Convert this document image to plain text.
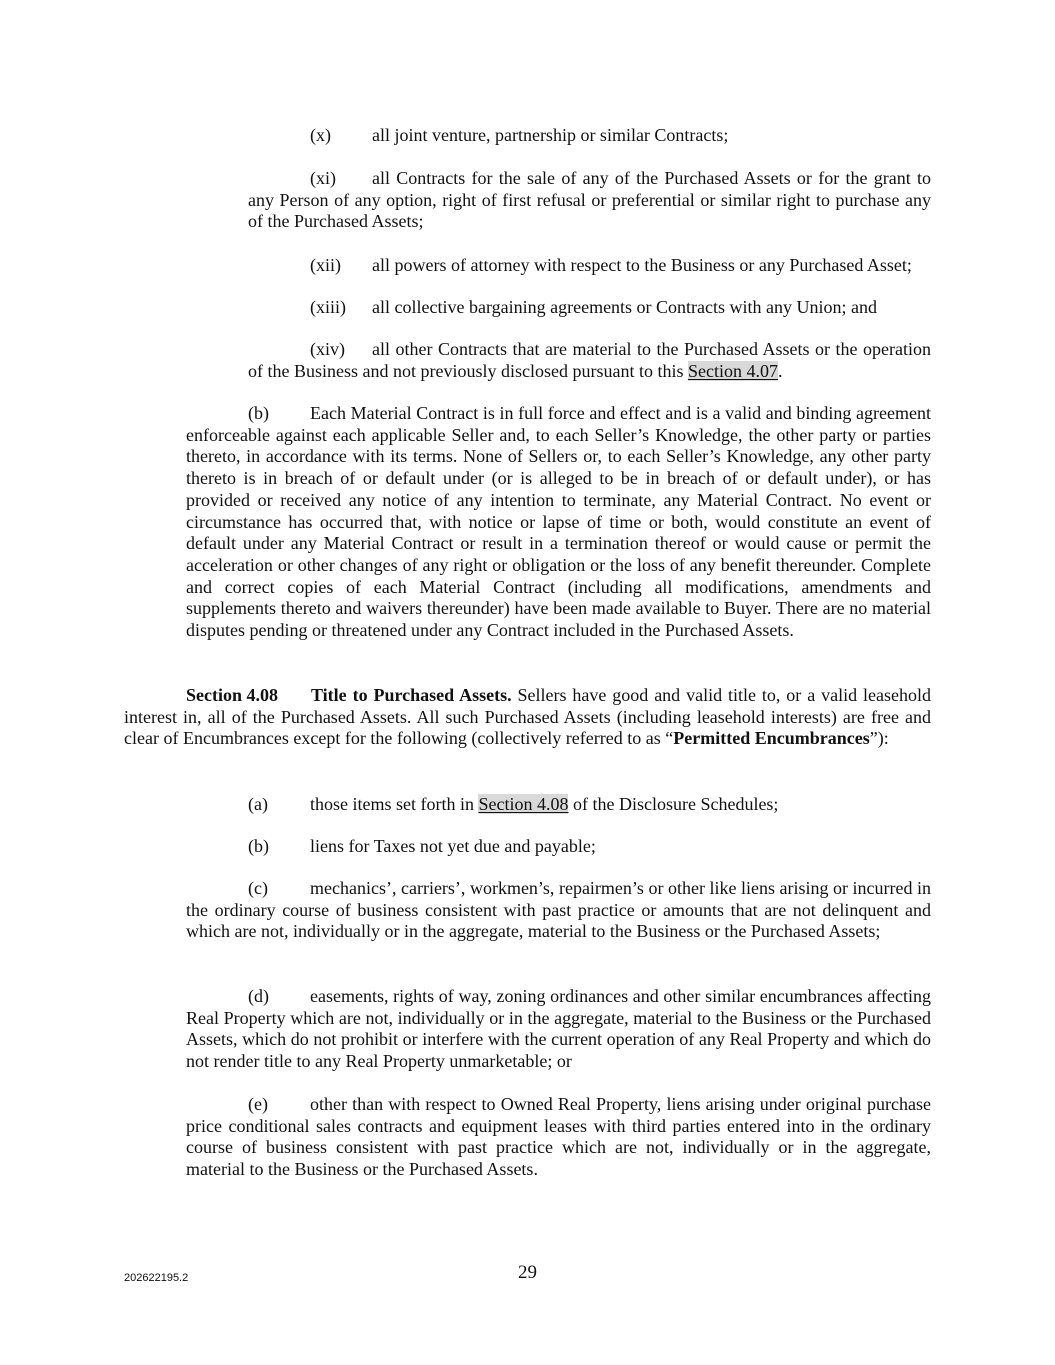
(x) all joint venture, partnership or similar Contracts;

(xi) all Contracts for the sale of any of the Purchased Assets or for the grant to any Person of any option, right of first refusal or preferential or similar right to purchase any of the Purchased Assets;

(xii) all powers of attorney with respect to the Business or any Purchased Asset;
(xiii) all collective bargaining agreements or Contracts with any Union; and

(xiv) all other Contracts that are material to the Purchased Assets or the operation of the Business and not previously disclosed pursuant to this Section 4.07.

(b) Each Material Contract is in full force and effect and is a valid and binding agreement enforceable against each applicable Seller and, to each Seller’s Knowledge, the other party or parties thereto, in accordance with its terms. None of Sellers or, to each Seller’s Knowledge, any other party thereto is in breach of or default under (or is alleged to be in breach of or default under), or has provided or received any notice of any intention to terminate, any Material Contract. No event or circumstance has occurred that, with notice or lapse of time or both, would constitute an event of default under any Material Contract or result in a termination thereof or would cause or permit the acceleration or other changes of any right or obligation or the loss of any benefit thereunder. Complete and correct copies of each Material Contract (including all modifications, amendments and supplements thereto and waivers thereunder) have been made available to Buyer. There are no material disputes pending or threatened under any Contract included in the Purchased Assets.

Section 4.08 Title to Purchased Assets. Sellers have good and valid title to, or a valid leasehold interest in, all of the Purchased Assets. All such Purchased Assets (including leasehold interests) are free and clear of Encumbrances except for the following (collectively referred to as “Permitted Encumbrances”):

(a) those items set forth in Section 4.08 of the Disclosure Schedules;
(b) liens for Taxes not yet due and payable;

(c) mechanics’, carriers’, workmen’s, repairmen’s or other like liens arising or incurred in the ordinary course of business consistent with past practice or amounts that are not delinquent and which are not, individually or in the aggregate, material to the Business or the Purchased Assets;

(d) easements, rights of way, zoning ordinances and other similar encumbrances affecting Real Property which are not, individually or in the aggregate, material to the Business or the Purchased Assets, which do not prohibit or interfere with the current operation of any Real Property and which do not render title to any Real Property unmarketable; or

(e) other than with respect to Owned Real Property, liens arising under original purchase price conditional sales contracts and equipment leases with third parties entered into in the ordinary course of business consistent with past practice which are not, individually or in the aggregate, material to the Business or the Purchased Assets.

202622195.2	29
